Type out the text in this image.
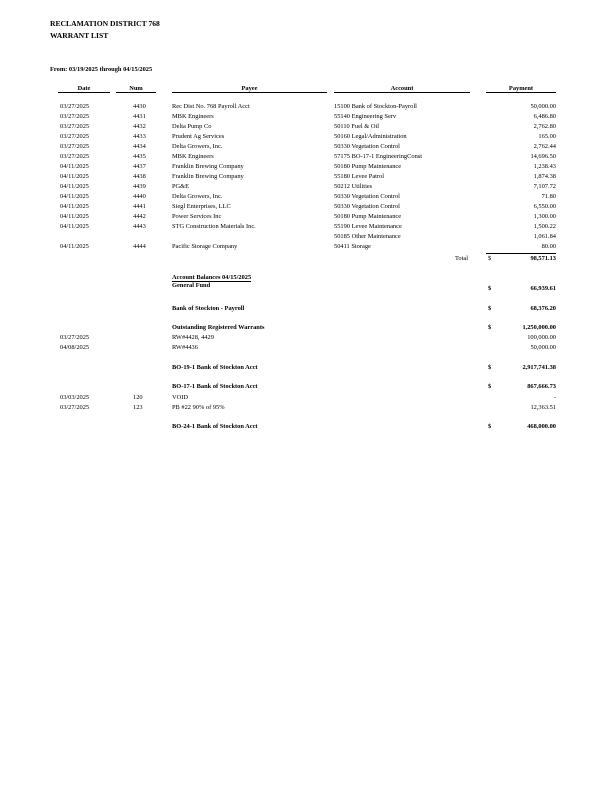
RECLAMATION DISTRICT 768
WARRANT LIST
From: 03/19/2025 through 04/15/2025
Date	Num	Payee	Account	Payment
03/27/2025	4430	Rec Dist No. 768 Payroll Acct	15100 Bank of Stockton-Payroll	50,000.00
03/27/2025	4431	MBK Engineers	55140 Engineering Serv	6,486.80
03/27/2025	4432	Delta Pump Co	50110 Fuel & Oil	2,762.80
03/27/2025	4433	Prudent Ag Services	50160 Legal/Administration	165.00
03/27/2025	4434	Delta Growers, Inc.	50330 Vegetation Control	2,762.44
03/27/2025	4435	MBK Engineers	57175 BO-17-1 EngineeringConst	14,696.50
04/11/2025	4437	Franklin Brewing Company	50180 Pump Maintenance	1,238.43
04/11/2025	4438	Franklin Brewing Company	55180 Levee Patrol	1,874.38
04/11/2025	4439	PG&E	50212 Utilities	7,107.72
04/11/2025	4440	Delta Growers, Inc.	50330 Vegetation Control	71.80
04/11/2025	4441	Siegl Enterprises, LLC	50330 Vegetation Control	6,550.00
04/11/2025	4442	Power Services Inc	50180 Pump Maintenance	1,300.00
04/11/2025	4443	STG Construction Materials Inc.	55190 Levee Maintenance	1,500.22
50185 Other Maintenance	1,061.84
04/11/2025	4444	Pacific Storage Company	50411 Storage	80.00
Total	$	98,571.13
Account Balances 04/15/2025
General Fund	$	66,939.61
Bank of Stockton - Payroll	$	68,376.20
Outstanding Registered Warrants	$	1,250,000.00
03/27/2025	RW#4428, 4429	100,000.00
04/08/2025	RW#4436	50,000.00
BO-19-1 Bank of Stockton Acct	$	2,917,741.38
BO-17-1 Bank of Stockton Acct	$	867,666.73
03/03/2025	120	VOID	-
03/27/2025	123	PB #22 90% of 95%	12,363.51
BO-24-1 Bank of Stockton Acct	$	468,000.00
